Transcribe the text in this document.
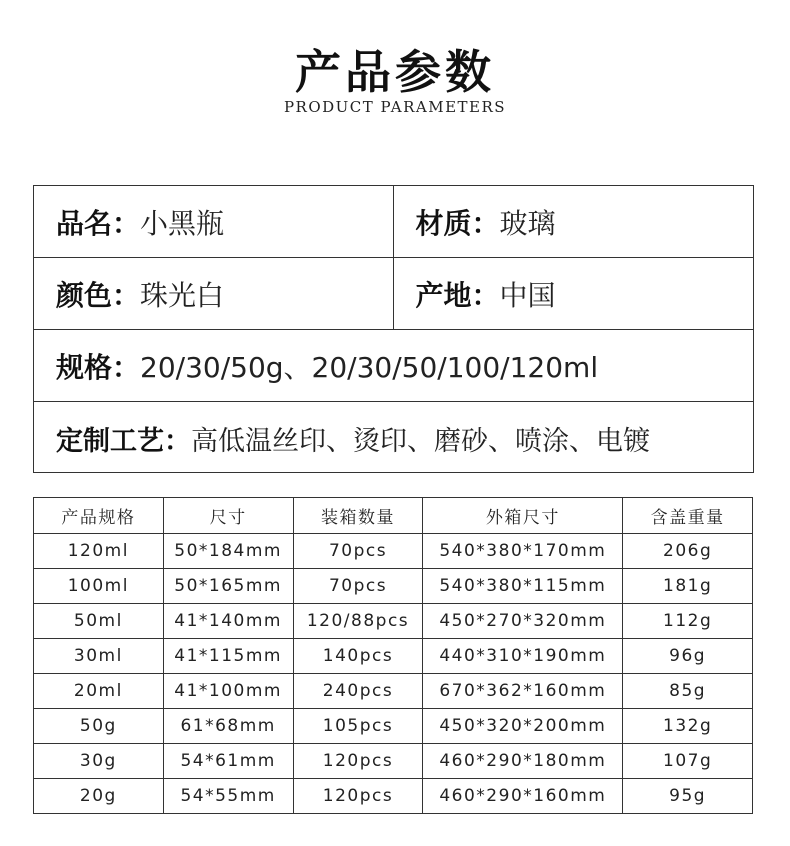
产品参数
PRODUCT PARAMETERS
品名： 小黑瓶	材质： 玻璃
颜色： 珠光白	产地： 中国
规格： 20/30/50g、20/30/50/100/120ml
定制工艺： 高低温丝印、烫印、磨砂、喷涂、电镀
产品规格	尺寸	装箱数量	外箱尺寸	含盖重量
120ml	50*184mm	70pcs	540*380*170mm	206g
100ml	50*165mm	70pcs	540*380*115mm	181g
50ml	41*140mm	120/88pcs	450*270*320mm	112g
30ml	41*115mm	140pcs	440*310*190mm	96g
20ml	41*100mm	240pcs	670*362*160mm	85g
50g	61*68mm	105pcs	450*320*200mm	132g
30g	54*61mm	120pcs	460*290*180mm	107g
20g	54*55mm	120pcs	460*290*160mm	95g
